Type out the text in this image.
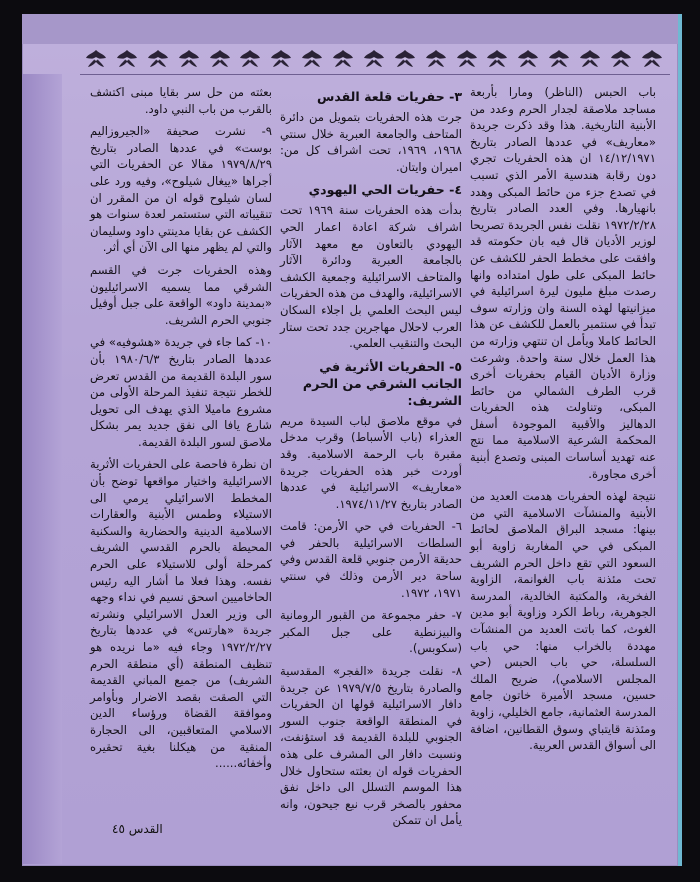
باب الحبس (الناظر) ومارا بأربعة مساجد ملاصقة لجدار الحرم وعدد من الأبنية التاريخية. هذا وقد ذكرت جريدة «معاريف» في عددها الصادر بتاريخ ١٤/١٢/١٩٧١ ان هذه الحفريات تجري دون رقابة هندسية الأمر الذي تسبب في تصدع جزء من حائط المبكى وهدد بانهيارها. وفي العدد الصادر بتاريخ ١٩٧٢/٢/٢٨ نقلت نفس الجريدة تصريحا لوزير الأديان قال فيه بان حكومته قد وافقت على مخطط الحفر للكشف عن حائط المبكى على طول امتداده وانها رصدت مبلغ مليون ليرة اسرائيلية في ميزانيتها لهذه السنة وان وزارته سوف تبدأ في سنتمبر بالعمل للكشف عن هذا الحائط كاملا ويأمل ان تنتهي وزارته من هذا العمل خلال سنة واحدة. وشرعت وزارة الأديان القيام بحفريات أخرى قرب الطرف الشمالي من حائط المبكى، وتناولت هذه الحفريات الدهاليز والأقبية الموجودة أسفل المحكمة الشرعية الاسلامية مما نتج عنه تهديد أساسات المبنى وتصدع أبنية أخرى مجاورة.

نتيجة لهذه الحفريات هدمت العديد من الأبنية والمنشآت الاسلامية التي من بينها: مسجد البراق الملاصق لحائط المبكى في حي المغاربة زاوية أبو السعود التي تقع داخل الحرم الشريف تحت مئذنة باب الغوانمة، الزاوية الفخرية، والمكتبة الخالدية، المدرسة الجوهرية، رباط الكرد وزاوية أبو مدين الغوث، كما باتت العديد من المنشآت مهددة بالخراب منها: حي باب السلسلة، حي باب الحبس (حي المجلس الاسلامي)، ضريح الملك حسين، مسجد الأميرة خاتون جامع المدرسة العثمانية، جامع الخليلي، زاوية ومئذنة قايتباي وسوق القطانين، اضافة الى أسواق القدس العربية.

٣- حفريات قلعة القدس

جرت هذه الحفريات بتمويل من دائرة المتاحف والجامعة العبرية خلال سنتي ١٩٦٨، ١٩٦٩، تحت اشراف كل من: اميران وايتان.

٤- حفريات الحي اليهودي

بدأت هذه الحفريات سنة ١٩٦٩ تحت اشراف شركة اعادة اعمار الحي اليهودي بالتعاون مع معهد الآثار بالجامعة العبرية ودائرة الآثار والمتاحف الاسرائيلية وجمعية الكشف الاسرائيلية، والهدف من هذه الحفريات ليس البحث العلمي بل اجلاء السكان العرب لاحلال مهاجرين جدد تحت ستار البحث والتنقيب العلمي.

٥- الحفريات الأثرية في الجانب الشرقي من الحرم الشريف:

في موقع ملاصق لباب السيدة مريم العذراء (باب الأسباط) وقرب مدخل مقبرة باب الرحمة الاسلامية. وقد أوردت خبر هذه الحفريات جريدة «معاريف» الاسرائيلية في عددها الصادر بتاريخ ١٩٧٤/١١/٢٧.

٦- الحفريات في حي الأرمن: قامت السلطات الاسرائيلية بالحفر في حديقة الأرمن جنوبي قلعة القدس وفي ساحة دير الأرمن وذلك في سنتي ١٩٧١، ١٩٧٢.

٧- حفر مجموعة من القبور الرومانية والبيزنطية على جبل المكبر (سكوبس).

٨- نقلت جريدة «الفجر» المقدسية والصادرة بتاريخ ١٩٧٩/٧/٥ عن جريدة دافار الاسرائيلية قولها ان الحفريات في المنطقة الواقعة جنوب السور الجنوبي للبلدة القديمة قد استؤنفت، ونسبت دافار الى المشرف على هذه الحفريات قوله ان بعثته ستحاول خلال هذا الموسم التسلل الى داخل نفق محفور بالصخر قرب نبع جيحون، وانه يأمل ان تتمكن

بعثته من حل سر بقايا مبنى اكتشف بالقرب من باب النبي داود.

٩- نشرت صحيفة «الجيروزاليم بوست» في عددها الصادر بتاريخ ١٩٧٩/٨/٢٩ مقالا عن الحفريات التي أجراها «ييغال شيلوح»، وفيه ورد على لسان شيلوح قوله ان من المقرر ان تنقيباته التي ستستمر لعدة سنوات هو الكشف عن بقايا مدينتي داود وسليمان والتي لم يظهر منها الى الآن أي أثر.

وهذه الحفريات جرت في القسم الشرقي مما يسميه الاسرائيليون «بمدينة داود» الواقعة على جبل أوفيل جنوبي الحرم الشريف.

١٠- كما جاء في جريدة «هشوفيه» في عددها الصادر بتاريخ ١٩٨٠/٦/٣ بأن سور البلدة القديمة من القدس تعرض للخطر نتيجة تنفيذ المرحلة الأولى من مشروع ماميلا الذي يهدف الى تحويل شارع يافا الى نفق جديد يمر بشكل ملاصق لسور البلدة القديمة.

ان نظرة فاحصة على الحفريات الأثرية الاسرائيلية واختيار مواقعها توضح بأن المخطط الاسرائيلي يرمي الى الاستيلاء وطمس الأبنية والعقارات الاسلامية الدينية والحضارية والسكنية المحيطة بالحرم القدسي الشريف كمرحلة أولى للاستيلاء على الحرم نفسه. وهذا فعلا ما أشار اليه رئيس الحاخاميين اسحق نسيم في نداء وجهه الى وزير العدل الاسرائيلي ونشرته جريدة «هارتس» في عددها بتاريخ ١٩٧٢/٢/٢٧ وجاء فيه «ما نريده هو تنظيف المنطقة (أي منطقة الحرم الشريف) من جميع المباني القديمة التي الصقت بقصد الاضرار وبأوامر وموافقة القضاة ورؤساء الدين الاسلامي المتعاقبين، الى الحجارة المنقية من هيكلنا بغية تحقيره وأخفائه......

القدس ٤٥
